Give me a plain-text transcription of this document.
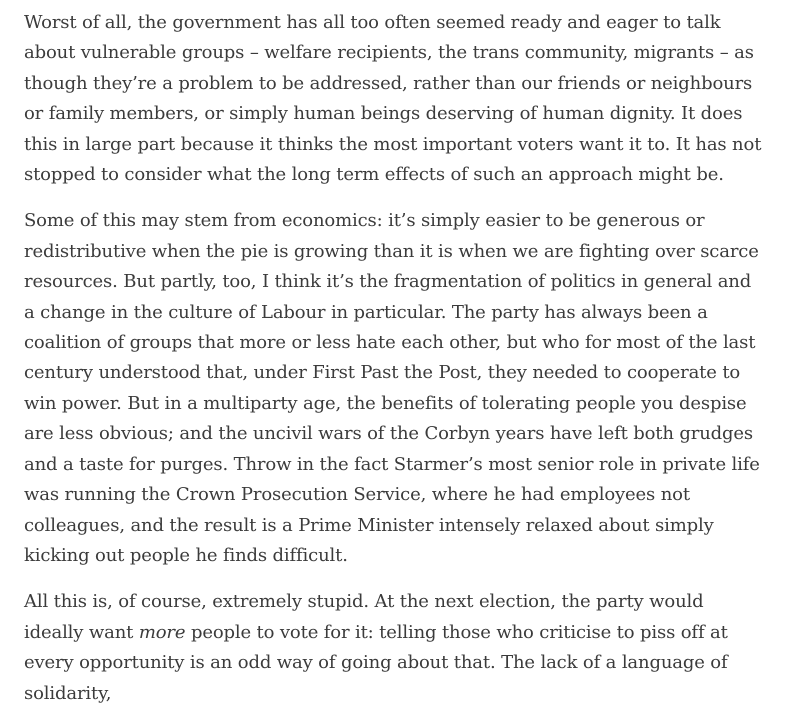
Worst of all, the government has all too often seemed ready and eager to talk about vulnerable groups – welfare recipients, the trans community, migrants – as though they’re a problem to be addressed, rather than our friends or neighbours or family members, or simply human beings deserving of human dignity. It does this in large part because it thinks the most important voters want it to. It has not stopped to consider what the long term effects of such an approach might be.

Some of this may stem from economics: it’s simply easier to be generous or redistributive when the pie is growing than it is when we are fighting over scarce resources. But partly, too, I think it’s the fragmentation of politics in general and a change in the culture of Labour in particular. The party has always been a coalition of groups that more or less hate each other, but who for most of the last century understood that, under First Past the Post, they needed to cooperate to win power. But in a multiparty age, the benefits of tolerating people you despise are less obvious; and the uncivil wars of the Corbyn years have left both grudges and a taste for purges. Throw in the fact Starmer’s most senior role in private life was running the Crown Prosecution Service, where he had employees not colleagues, and the result is a Prime Minister intensely relaxed about simply kicking out people he finds difficult.

All this is, of course, extremely stupid. At the next election, the party would ideally want more people to vote for it: telling those who criticise to piss off at every opportunity is an odd way of going about that. The lack of a language of solidarity,
